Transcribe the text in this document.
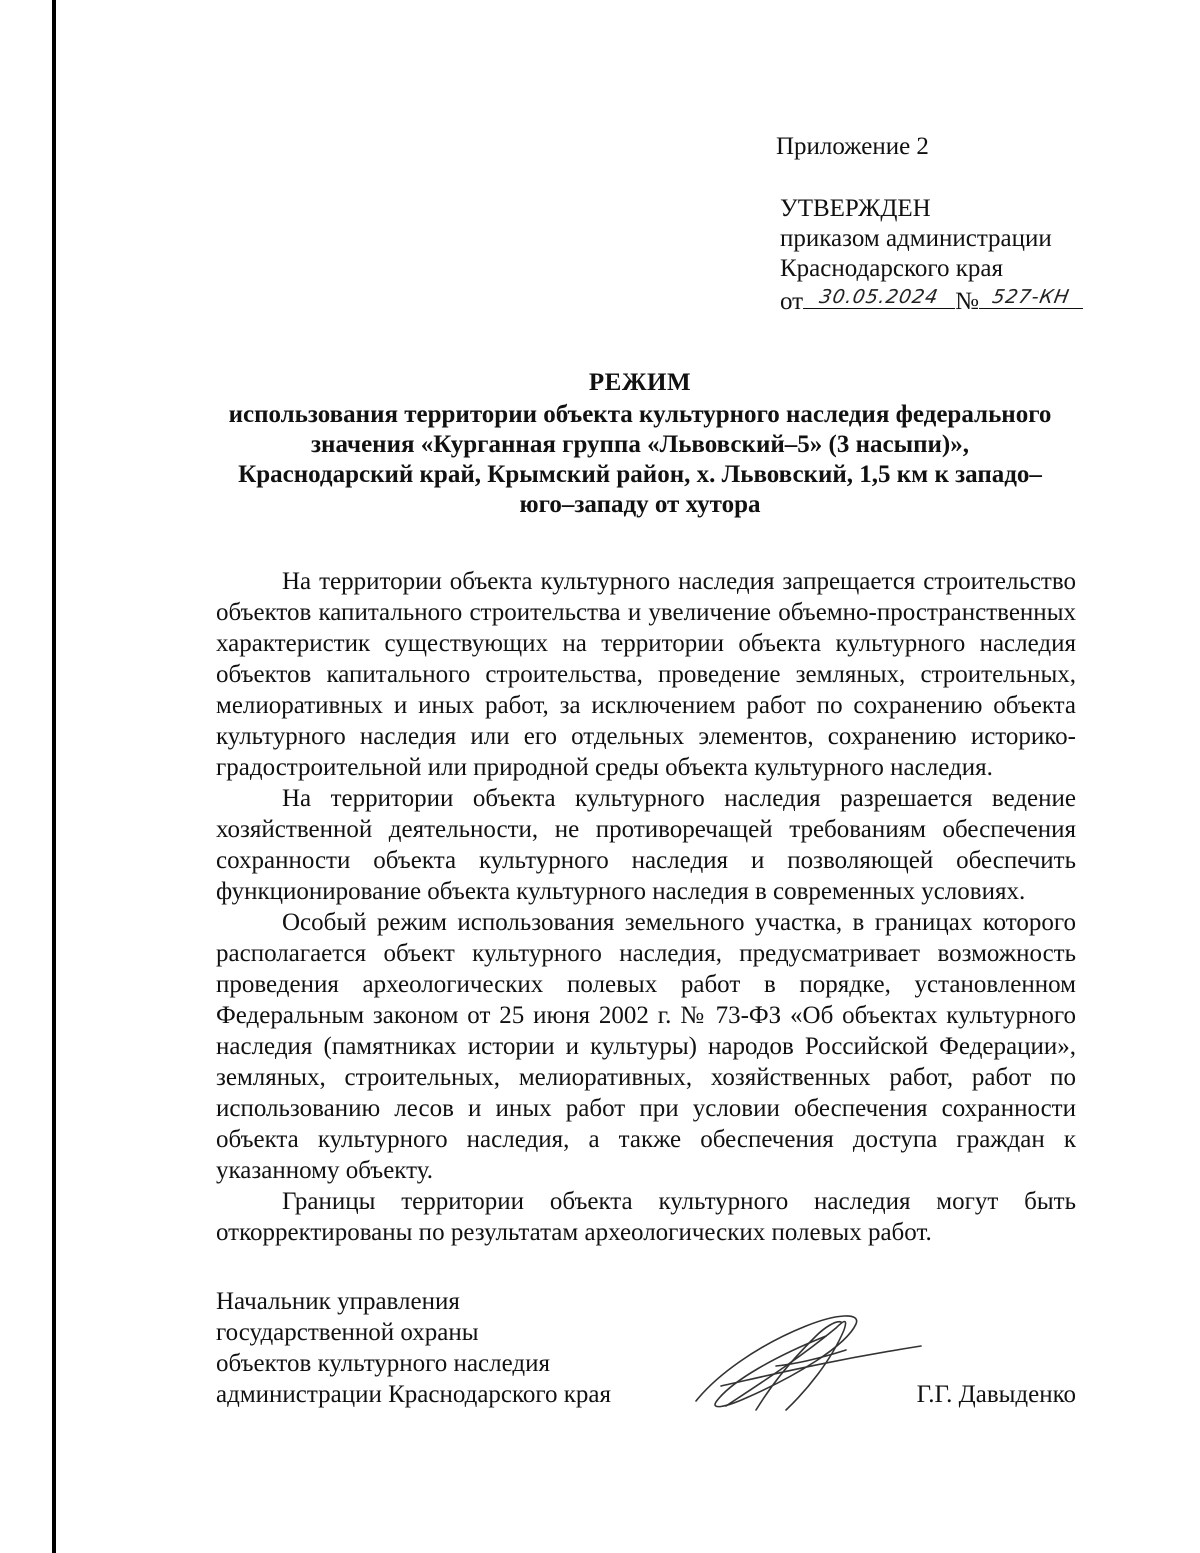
Приложение 2
УТВЕРЖДЕН
приказом администрации
Краснодарского края
от 30.05.2024 № 527-КН
РЕЖИМ
использования территории объекта культурного наследия федерального
значения «Курганная группа «Львовский–5» (3 насыпи)»,
Краснодарский край, Крымский район, х. Львовский, 1,5 км к западо–
юго–западу от хутора

На территории объекта культурного наследия запрещается строительство объектов капитального строительства и увеличение объемно-пространственных характеристик существующих на территории объекта культурного наследия объектов капитального строительства, проведение земляных, строительных, мелиоративных и иных работ, за исключением работ по сохранению объекта культурного наследия или его отдельных элементов, сохранению историко-градостроительной или природной среды объекта культурного наследия.

На территории объекта культурного наследия разрешается ведение хозяйственной деятельности, не противоречащей требованиям обеспечения сохранности объекта культурного наследия и позволяющей обеспечить функционирование объекта культурного наследия в современных условиях.

Особый режим использования земельного участка, в границах которого располагается объект культурного наследия, предусматривает возможность проведения археологических полевых работ в порядке, установленном Федеральным законом от 25 июня 2002 г. № 73-ФЗ «Об объектах культурного наследия (памятниках истории и культуры) народов Российской Федерации», земляных, строительных, мелиоративных, хозяйственных работ, работ по использованию лесов и иных работ при условии обеспечения сохранности объекта культурного наследия, а также обеспечения доступа граждан к указанному объекту.

Границы территории объекта культурного наследия могут быть откорректированы по результатам археологических полевых работ.

Начальник управления
государственной охраны
объектов культурного наследия
администрации Краснодарского края	Г.Г. Давыденко
